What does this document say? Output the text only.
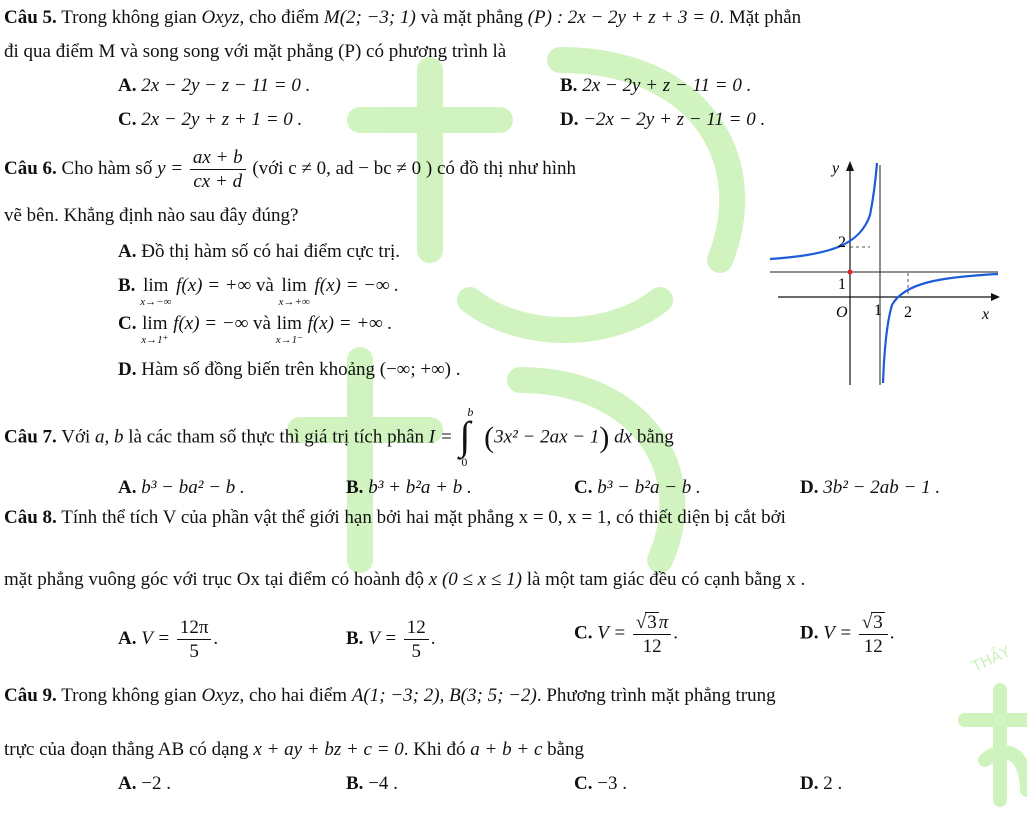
THẦY
Câu 5. Trong không gian Oxyz, cho điểm M(2; −3; 1) và mặt phẳng (P) : 2x − 2y + z + 3 = 0. Mặt phẳn
đi qua điểm M và song song với mặt phẳng (P) có phương trình là
A. 2x − 2y − z − 11 = 0 .	B. 2x − 2y + z − 11 = 0 .
C. 2x − 2y + z + 1 = 0 .	D. −2x − 2y + z − 11 = 0 .
Câu 6. Cho hàm số $y = \frac{ax + b}{cx + d}$ (với c ≠ 0, ad − bc ≠ 0 ) có đồ thị như hình
vẽ bên. Khẳng định nào sau đây đúng?
A. Đồ thị hàm số có hai điểm cực trị.
B. lim
x→−∞
f(x) = +∞ và lim
x→+∞
f(x) = −∞ .
C. lim
x→1⁺
f(x) = −∞ và lim
x→1⁻
f(x) = +∞ .
D. Hàm số đồng biến trên khoảng (−∞; +∞) .
y
x
O 1 2
1
2
Câu 7. Với a, b là các tham số thực thì giá trị tích phân I = ∫
b
0
(3x² − 2ax − 1) dx bằng
A. b³ − ba² − b .	B. b³ + b²a + b .	C. b³ − b²a − b .	D. 3b² − 2ab − 1 .
Câu 8. Tính thể tích V của phần vật thể giới hạn bởi hai mặt phẳng x = 0, x = 1, có thiết diện bị cắt bởi
mặt phẳng vuông góc với trục Ox tại điểm có hoành độ x (0 ≤ x ≤ 1) là một tam giác đều có cạnh bằng x .
A. $V = \frac{12\pi}{5}$ .	B. $V = \frac{12}{5}$ .	C. $V = \frac{√3 \pi}{12}$ .	D. $V = \frac{√3}{12}$ .
Câu 9. Trong không gian Oxyz, cho hai điểm A(1; −3; 2), B(3; 5; −2). Phương trình mặt phẳng trung
trực của đoạn thẳng AB có dạng x + ay + bz + c = 0. Khi đó a + b + c bằng
A. −2 .	B. −4 .	C. −3 .	D. 2 .
